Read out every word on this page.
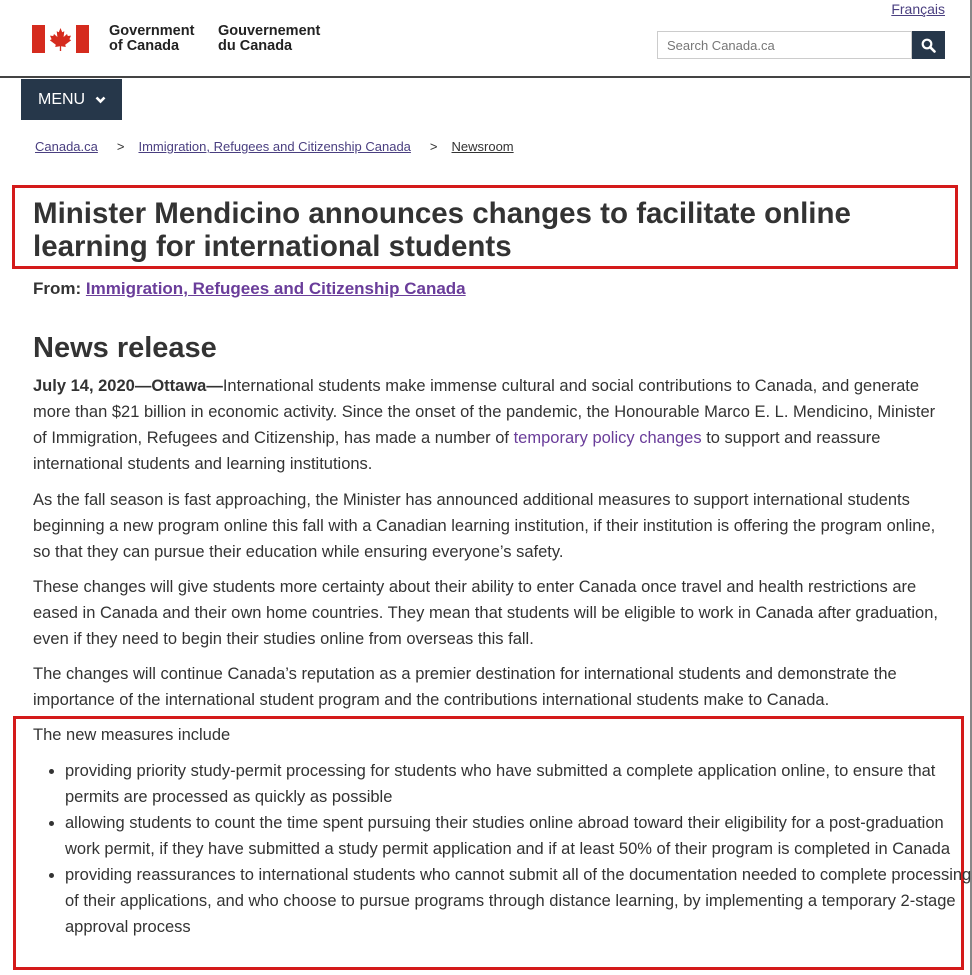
Français
Government
of Canada
Gouvernement
du Canada	Search Canada.ca
MENU
Canada.ca > Immigration, Refugees and Citizenship Canada > Newsroom
Minister Mendicino announces changes to facilitate online learning for international students
From: Immigration, Refugees and Citizenship Canada
News release

July 14, 2020—Ottawa—International students make immense cultural and social contributions to Canada, and generate more than $21 billion in economic activity. Since the onset of the pandemic, the Honourable Marco E. L. Mendicino, Minister of Immigration, Refugees and Citizenship, has made a number of temporary policy changes to support and reassure international students and learning institutions.

As the fall season is fast approaching, the Minister has announced additional measures to support international students beginning a new program online this fall with a Canadian learning institution, if their institution is offering the program online, so that they can pursue their education while ensuring everyone’s safety.

These changes will give students more certainty about their ability to enter Canada once travel and health restrictions are eased in Canada and their own home countries. They mean that students will be eligible to work in Canada after graduation, even if they need to begin their studies online from overseas this fall.

The changes will continue Canada’s reputation as a premier destination for international students and demonstrate the importance of the international student program and the contributions international students make to Canada.

The new measures include
• providing priority study-permit processing for students who have submitted a complete application online, to ensure that permits are processed as quickly as possible
• allowing students to count the time spent pursuing their studies online abroad toward their eligibility for a post-graduation work permit, if they have submitted a study permit application and if at least 50% of their program is completed in Canada
• providing reassurances to international students who cannot submit all of the documentation needed to complete processing of their applications, and who choose to pursue programs through distance learning, by implementing a temporary 2-stage approval process
